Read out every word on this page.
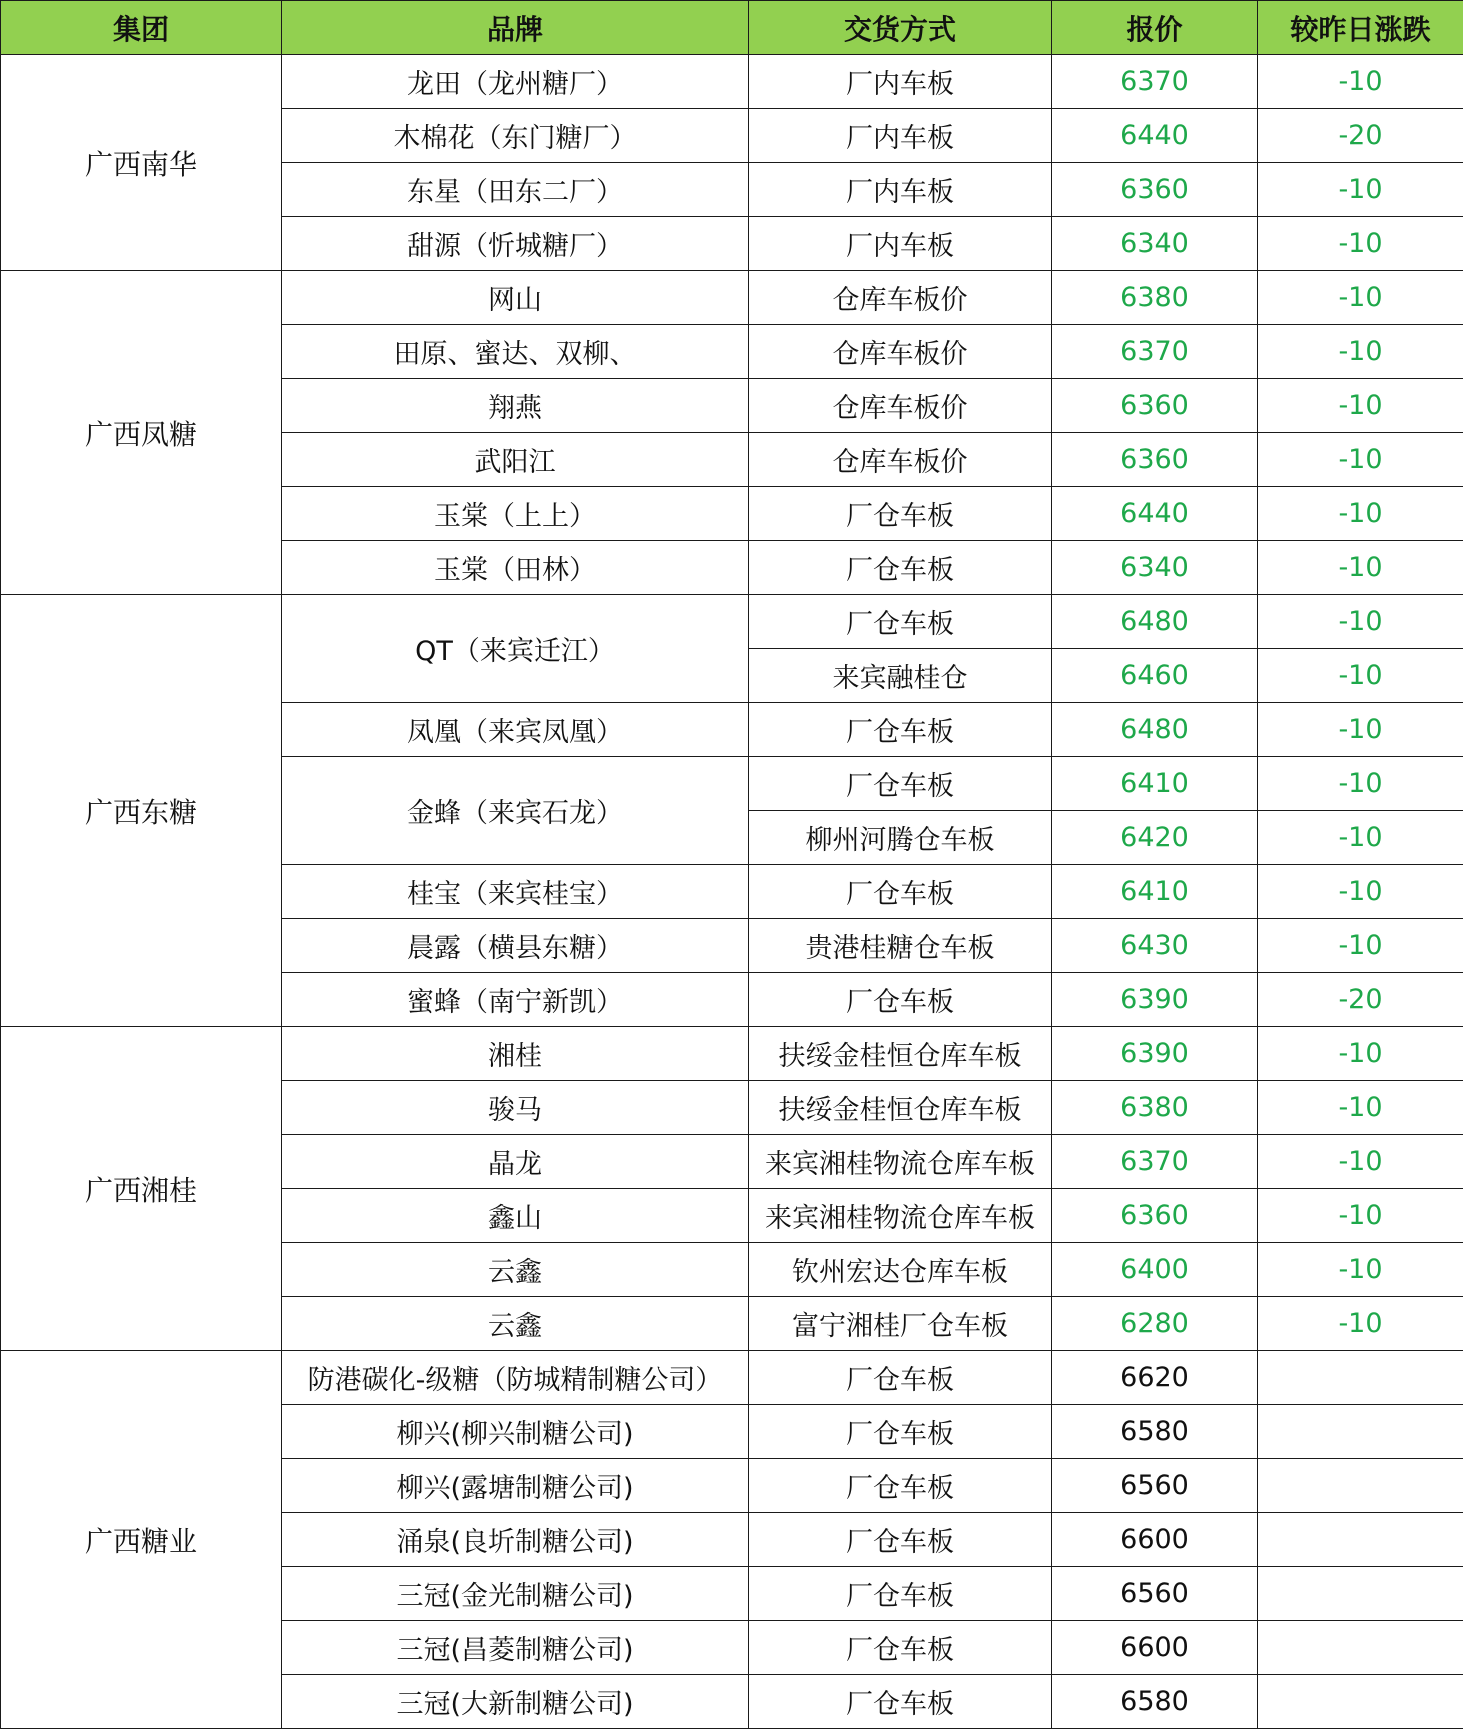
集团	品牌	交货方式	报价	较昨日涨跌
广西南华	龙田（龙州糖厂）	厂内车板	6370	-10
	木棉花（东门糖厂）	厂内车板	6440	-20
	东星（田东二厂）	厂内车板	6360	-10
	甜源（忻城糖厂）	厂内车板	6340	-10
广西凤糖	网山	仓库车板价	6380	-10
	田原、蜜达、双柳、	仓库车板价	6370	-10
	翔燕	仓库车板价	6360	-10
	武阳江	仓库车板价	6360	-10
	玉棠（上上）	厂仓车板	6440	-10
	玉棠（田林）	厂仓车板	6340	-10
广西东糖	QT（来宾迁江）	厂仓车板	6480	-10
		来宾融桂仓	6460	-10
	凤凰（来宾凤凰）	厂仓车板	6480	-10
	金蜂（来宾石龙）	厂仓车板	6410	-10
		柳州河腾仓车板	6420	-10
	桂宝（来宾桂宝）	厂仓车板	6410	-10
	晨露（横县东糖）	贵港桂糖仓车板	6430	-10
	蜜蜂（南宁新凯）	厂仓车板	6390	-20
广西湘桂	湘桂	扶绥金桂恒仓库车板	6390	-10
	骏马	扶绥金桂恒仓库车板	6380	-10
	晶龙	来宾湘桂物流仓库车板	6370	-10
	鑫山	来宾湘桂物流仓库车板	6360	-10
	云鑫	钦州宏达仓库车板	6400	-10
	云鑫	富宁湘桂厂仓车板	6280	-10
广西糖业	防港碳化-级糖（防城精制糖公司）	厂仓车板	6620	
	柳兴(柳兴制糖公司)	厂仓车板	6580	
	柳兴(露塘制糖公司)	厂仓车板	6560	
	涌泉(良圻制糖公司)	厂仓车板	6600	
	三冠(金光制糖公司)	厂仓车板	6560	
	三冠(昌菱制糖公司)	厂仓车板	6600	
	三冠(大新制糖公司)	厂仓车板	6580	
